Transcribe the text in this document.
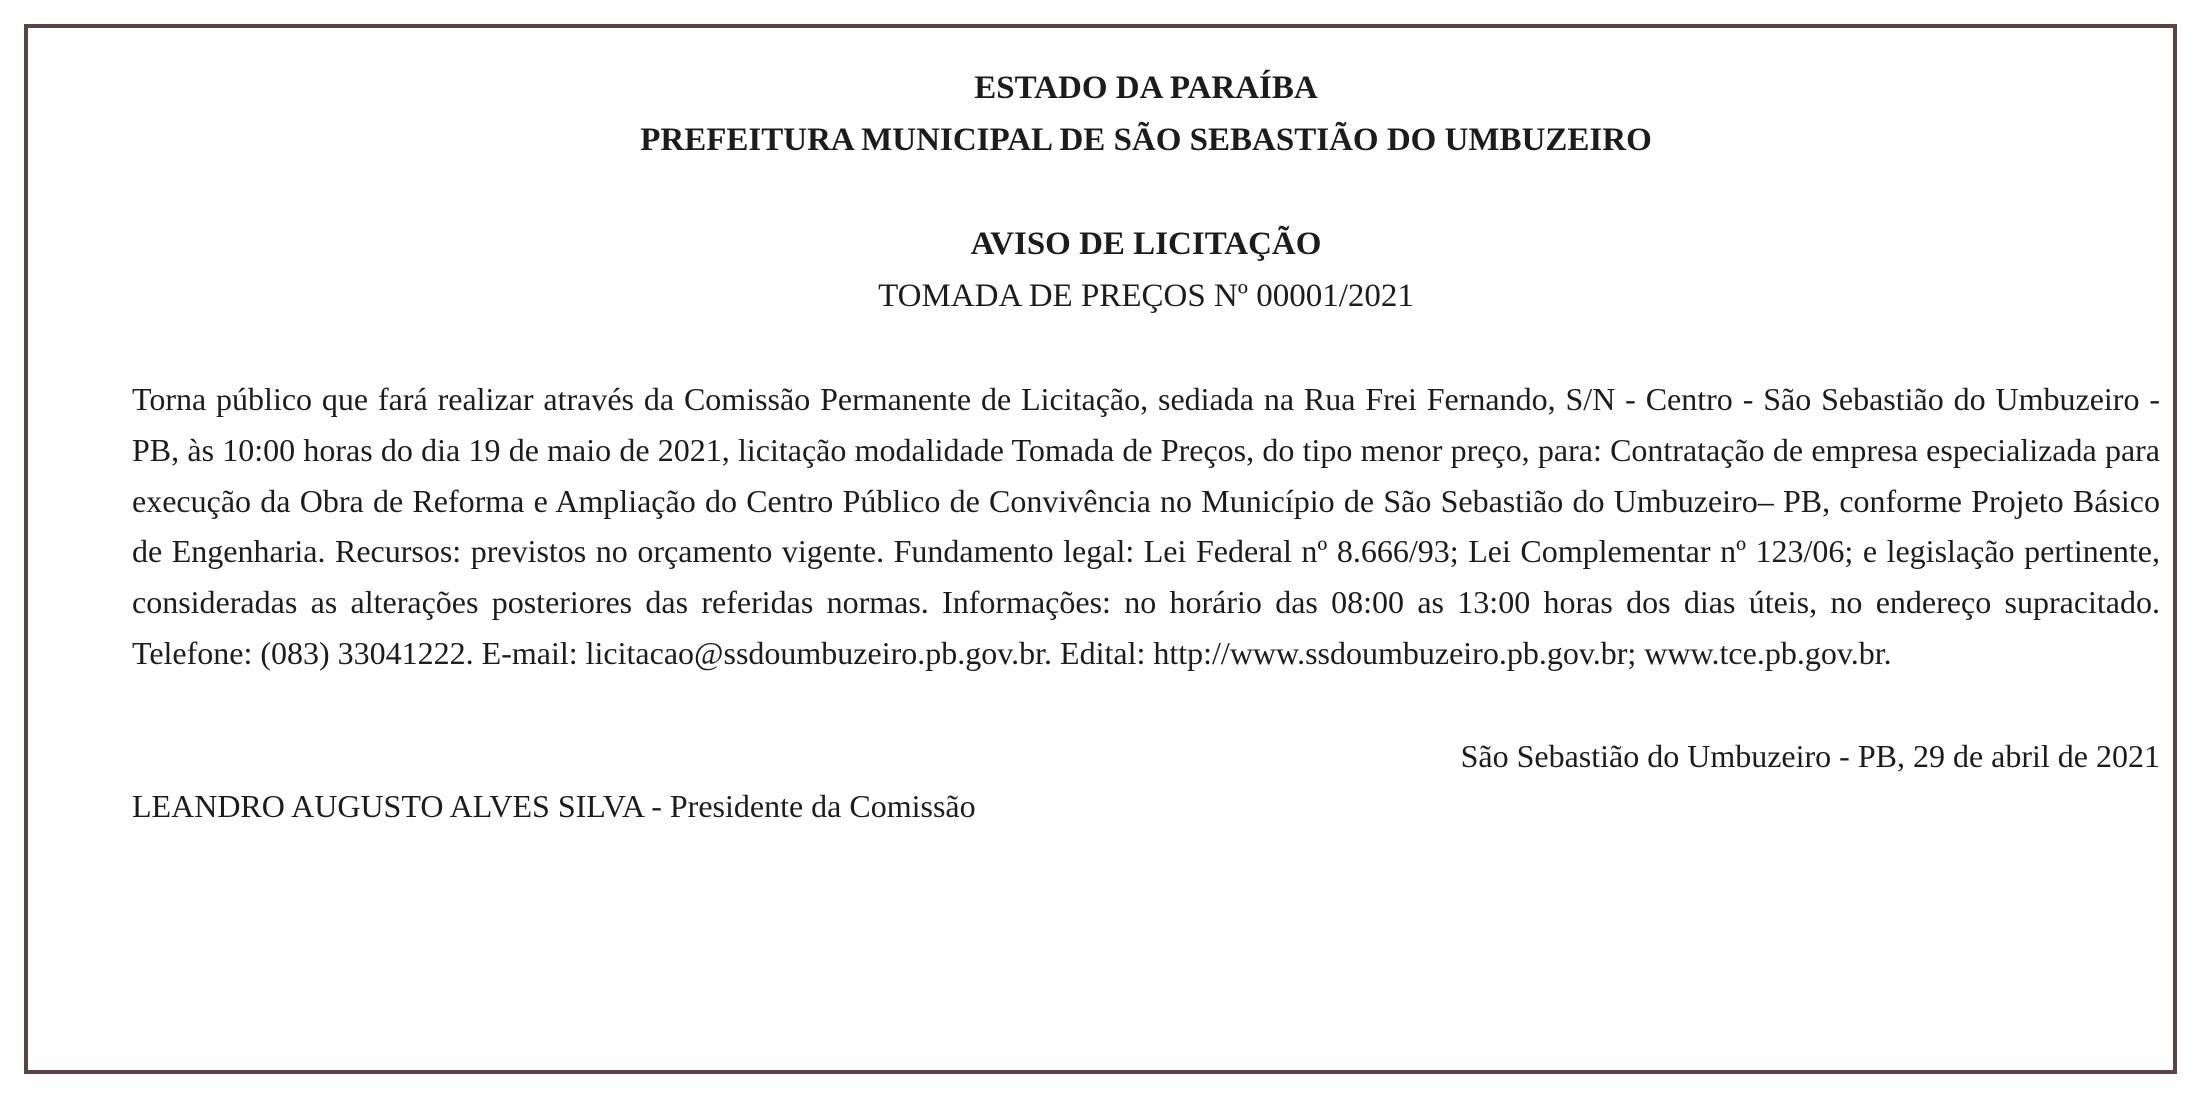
ESTADO DA PARAÍBA

PREFEITURA MUNICIPAL DE SÃO SEBASTIÃO DO UMBUZEIRO

AVISO DE LICITAÇÃO

TOMADA DE PREÇOS Nº 00001/2021

Torna público que fará realizar através da Comissão Permanente de Licitação, sediada na Rua Frei Fernando, S/N - Centro - São Sebastião do Umbuzeiro - PB, às 10:00 horas do dia 19 de maio de 2021, licitação modalidade Tomada de Preços, do tipo menor preço, para: Contratação de empresa especializada para execução da Obra de Reforma e Ampliação do Centro Público de Convivência no Município de São Sebastião do Umbuzeiro– PB, conforme Projeto Básico de Engenharia. Recursos: previstos no orçamento vigente. Fundamento legal: Lei Federal nº 8.666/93; Lei Complementar nº 123/06; e legislação pertinente, consideradas as alterações posteriores das referidas normas. Informações: no horário das 08:00 as 13:00 horas dos dias úteis, no endereço supracitado. Telefone: (083) 33041222. E-mail: licitacao@ssdoumbuzeiro.pb.gov.br. Edital: http://www.ssdoumbuzeiro.pb.gov.br; www.tce.pb.gov.br.

São Sebastião do Umbuzeiro - PB, 29 de abril de 2021

LEANDRO AUGUSTO ALVES SILVA - Presidente da Comissão
